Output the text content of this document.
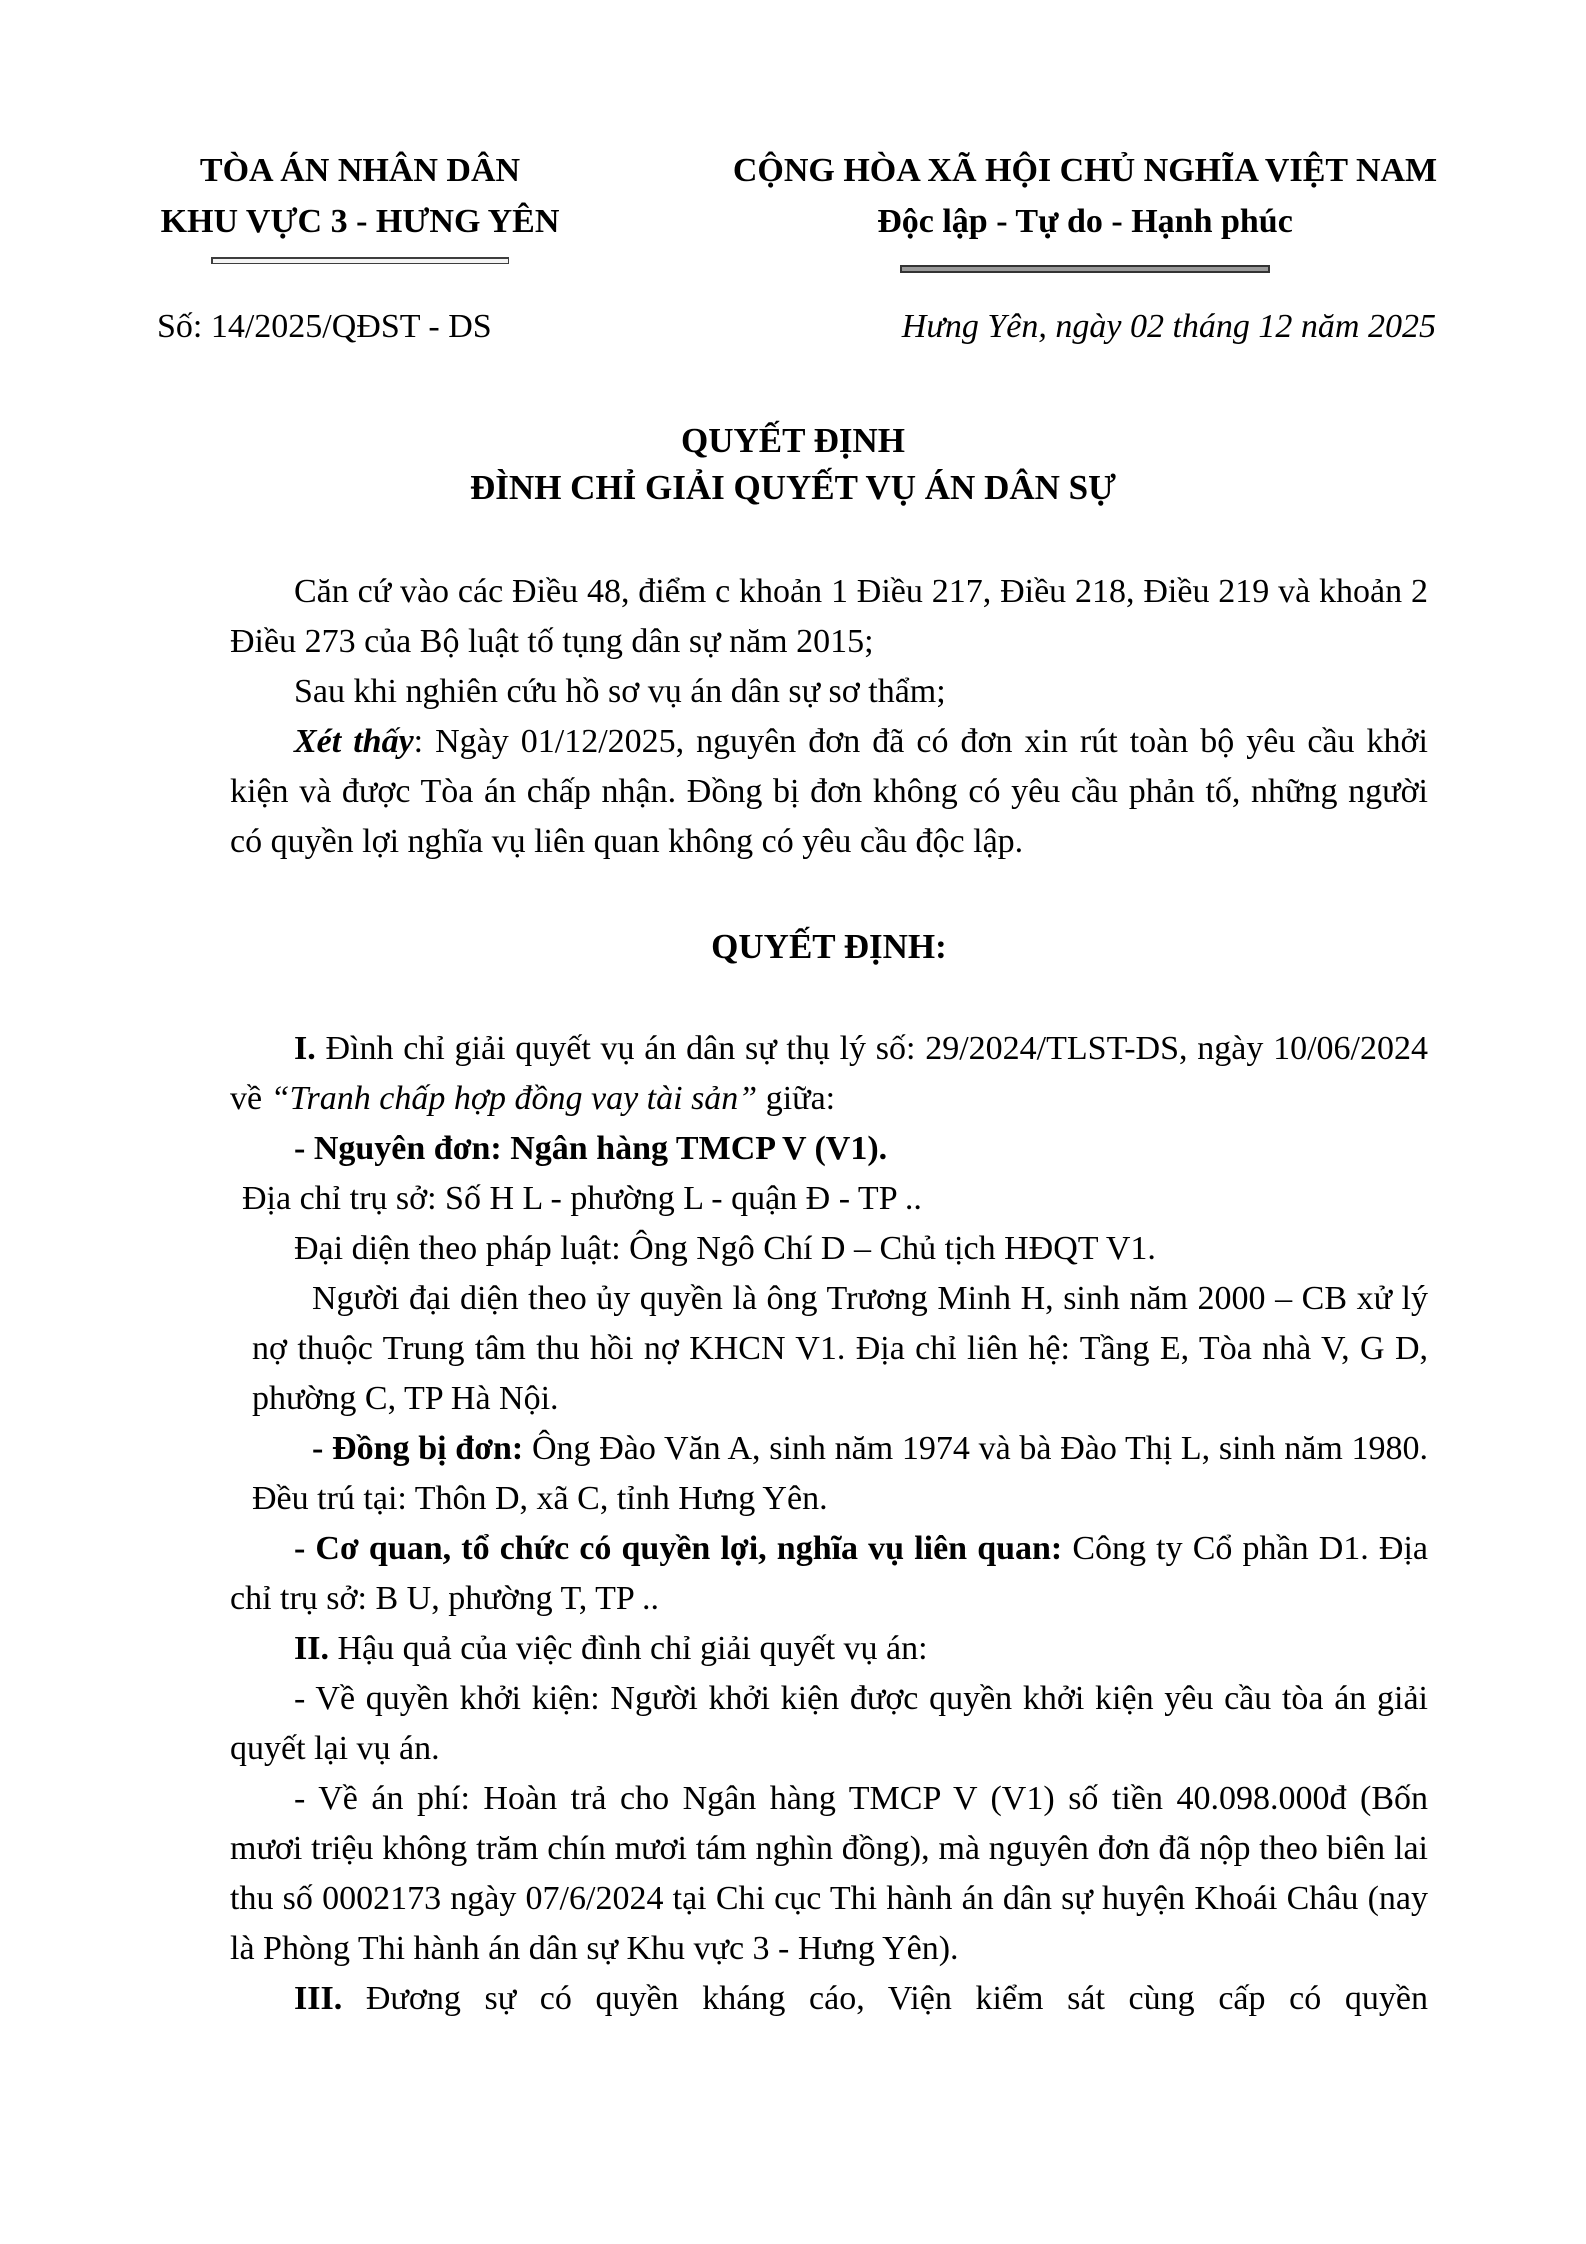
TÒA ÁN NHÂN DÂN
KHU VỰC 3 - HƯNG YÊN
CỘNG HÒA XÃ HỘI CHỦ NGHĨA VIỆT NAM
Độc lập - Tự do - Hạnh phúc
Số: 14/2025/QĐST - DS	Hưng Yên, ngày 02 tháng 12 năm 2025
QUYẾT ĐỊNH
ĐÌNH CHỈ GIẢI QUYẾT VỤ ÁN DÂN SỰ

Căn cứ vào các Điều 48, điểm c khoản 1 Điều 217, Điều 218, Điều 219 và khoản 2 Điều 273 của Bộ luật tố tụng dân sự năm 2015;

Sau khi nghiên cứu hồ sơ vụ án dân sự sơ thẩm;

Xét thấy: Ngày 01/12/2025, nguyên đơn đã có đơn xin rút toàn bộ yêu cầu khởi kiện và được Tòa án chấp nhận. Đồng bị đơn không có yêu cầu phản tố, những người có quyền lợi nghĩa vụ liên quan không có yêu cầu độc lập.

QUYẾT ĐỊNH:

I. Đình chỉ giải quyết vụ án dân sự thụ lý số: 29/2024/TLST-DS, ngày 10/06/2024 về “Tranh chấp hợp đồng vay tài sản” giữa:

- Nguyên đơn: Ngân hàng TMCP V (V1).

Địa chỉ trụ sở: Số H L - phường L - quận Đ - TP ..

Đại diện theo pháp luật: Ông Ngô Chí D – Chủ tịch HĐQT V1.

Người đại diện theo ủy quyền là ông Trương Minh H, sinh năm 2000 – CB xử lý nợ thuộc Trung tâm thu hồi nợ KHCN V1. Địa chỉ liên hệ: Tầng E, Tòa nhà V, G D, phường C, TP Hà Nội.

- Đồng bị đơn: Ông Đào Văn A, sinh năm 1974 và bà Đào Thị L, sinh năm 1980. Đều trú tại: Thôn D, xã C, tỉnh Hưng Yên.

- Cơ quan, tổ chức có quyền lợi, nghĩa vụ liên quan: Công ty Cổ phần D1. Địa chỉ trụ sở: B U, phường T, TP ..

II. Hậu quả của việc đình chỉ giải quyết vụ án:

- Về quyền khởi kiện: Người khởi kiện được quyền khởi kiện yêu cầu tòa án giải quyết lại vụ án.

- Về án phí: Hoàn trả cho Ngân hàng TMCP V (V1) số tiền 40.098.000đ (Bốn mươi triệu không trăm chín mươi tám nghìn đồng), mà nguyên đơn đã nộp theo biên lai thu số 0002173 ngày 07/6/2024 tại Chi cục Thi hành án dân sự huyện Khoái Châu (nay là Phòng Thi hành án dân sự Khu vực 3 - Hưng Yên).

III. Đương sự có quyền kháng cáo, Viện kiểm sát cùng cấp có quyền
